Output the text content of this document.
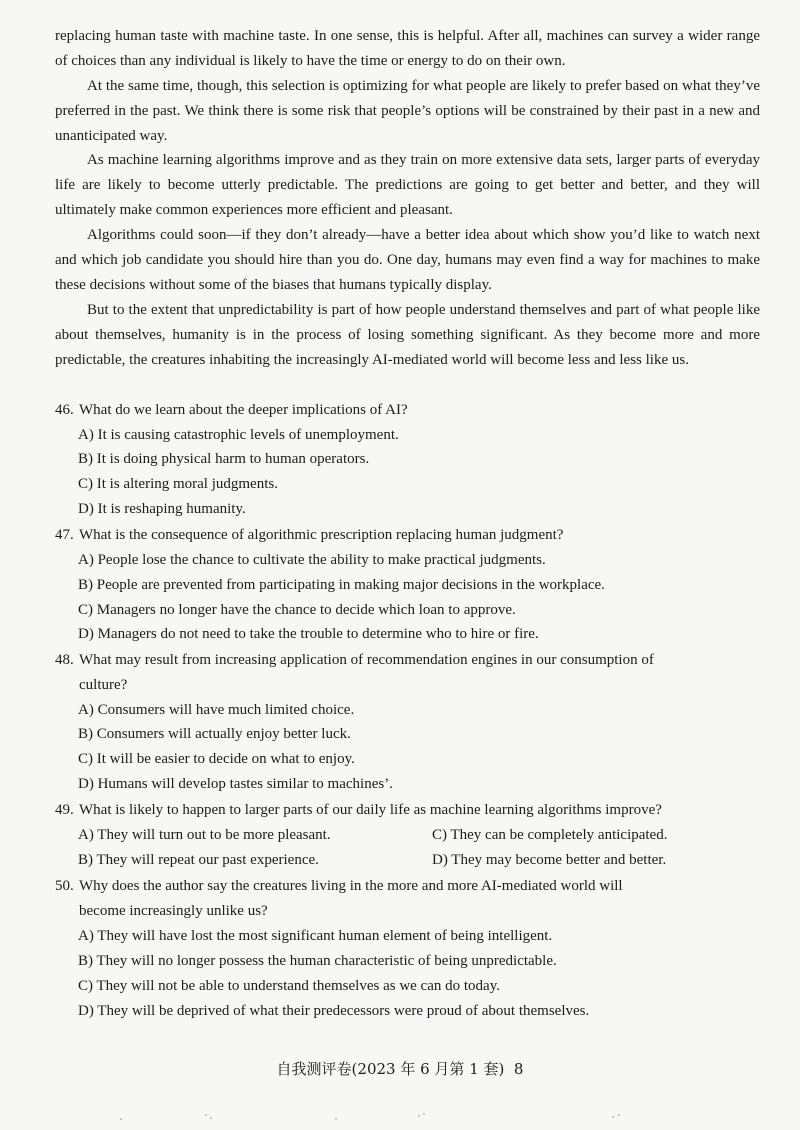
replacing human taste with machine taste. In one sense, this is helpful. After all, machines can survey a wider range of choices than any individual is likely to have the time or energy to do on their own.

At the same time, though, this selection is optimizing for what people are likely to prefer based on what they’ve preferred in the past. We think there is some risk that people’s options will be constrained by their past in a new and unanticipated way.

As machine learning algorithms improve and as they train on more extensive data sets, larger parts of everyday life are likely to become utterly predictable. The predictions are going to get better and better, and they will ultimately make common experiences more efficient and pleasant.

Algorithms could soon—if they don’t already—have a better idea about which show you’d like to watch next and which job candidate you should hire than you do. One day, humans may even find a way for machines to make these decisions without some of the biases that humans typically display.

But to the extent that unpredictability is part of how people understand themselves and part of what people like about themselves, humanity is in the process of losing something significant. As they become more and more predictable, the creatures inhabiting the increasingly AI-mediated world will become less and less like us.

46. What do we learn about the deeper implications of AI?

A) It is causing catastrophic levels of unemployment.

B) It is doing physical harm to human operators.

C) It is altering moral judgments.

D) It is reshaping humanity.

47. What is the consequence of algorithmic prescription replacing human judgment?

A) People lose the chance to cultivate the ability to make practical judgments.

B) People are prevented from participating in making major decisions in the workplace.

C) Managers no longer have the chance to decide which loan to approve.

D) Managers do not need to take the trouble to determine who to hire or fire.

48. What may result from increasing application of recommendation engines in our consumption of
culture?

A) Consumers will have much limited choice.

B) Consumers will actually enjoy better luck.

C) It will be easier to decide on what to enjoy.

D) Humans will develop tastes similar to machines’.

49. What is likely to happen to larger parts of our daily life as machine learning algorithms improve?

A) They will turn out to be more pleasant.	C) They can be completely anticipated.

B) They will repeat our past experience.	D) They may become better and better.

50. Why does the author say the creatures living in the more and more AI-mediated world will
become increasingly unlike us?

A) They will have lost the most significant human element of being intelligent.

B) They will no longer possess the human characteristic of being unpredictable.

C) They will not be able to understand themselves as we can do today.

D) They will be deprived of what their predecessors were proud of about themselves.

自我测评卷(2023 年 6 月第 1 套) 8
